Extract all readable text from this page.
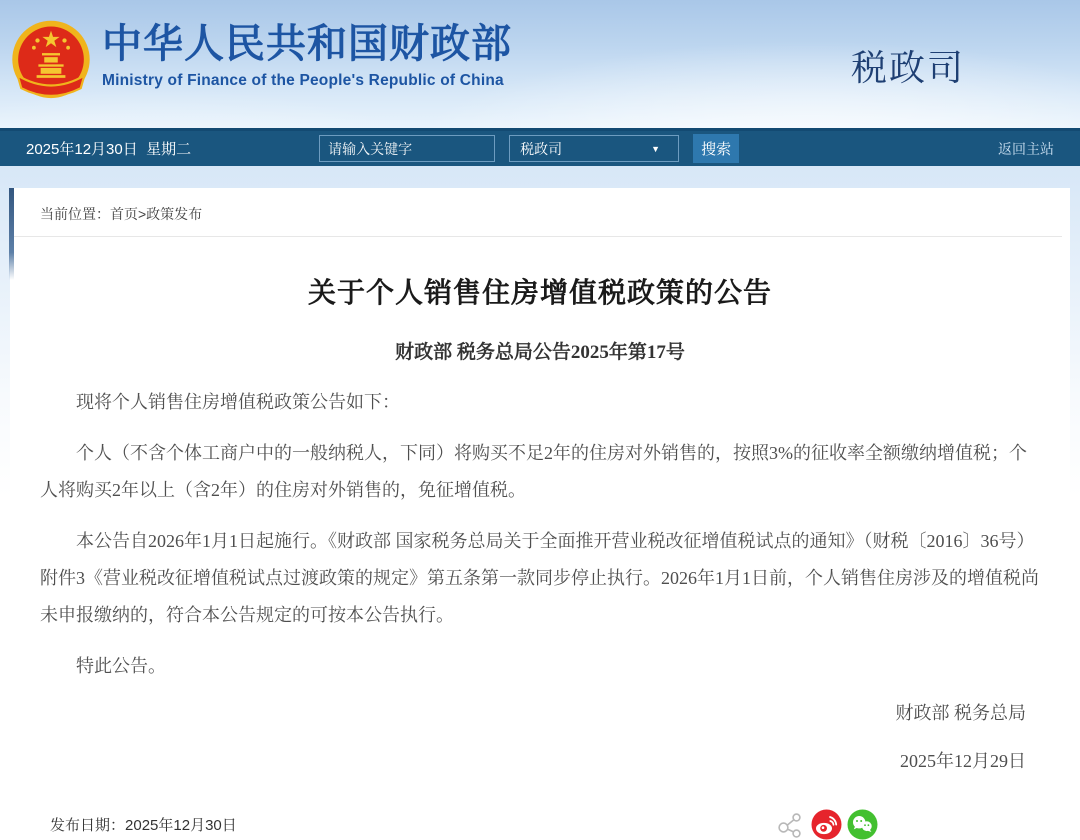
中华人民共和国财政部
Ministry of Finance of the People's Republic of China	税政司
2025年12月30日  星期二
请输入关键字	税政司	▼	搜索	返回主站
当前位置：首页>政策发布
关于个人销售住房增值税政策的公告
财政部 税务总局公告2025年第17号

现将个人销售住房增值税政策公告如下：

个人（不含个体工商户中的一般纳税人，下同）将购买不足2年的住房对外销售的，按照3%的征收率全额缴纳增值税；个人将购买2年以上（含2年）的住房对外销售的，免征增值税。

本公告自2026年1月1日起施行。《财政部 国家税务总局关于全面推开营业税改征增值税试点的通知》（财税〔2016〕36号）附件3《营业税改征增值税试点过渡政策的规定》第五条第一款同步停止执行。2026年1月1日前，个人销售住房涉及的增值税尚未申报缴纳的，符合本公告规定的可按本公告执行。

特此公告。

财政部 税务总局
2025年12月29日
发布日期：2025年12月30日
